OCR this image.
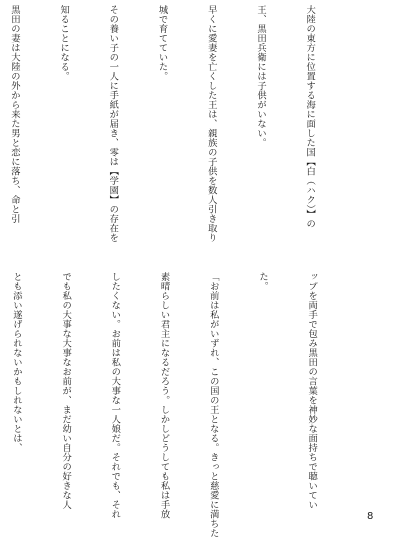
大陸の東方に位置する海に面した国【白（ハク）】の

王、黒田兵衛には子供がいない。

早くに愛妻を亡くした王は、親族の子供を数人引き取り

城で育てていた。

その養い子の一人に手紙が届き、零は【学園】の存在を

知ることになる。

黒田の妻は大陸の外から来た男と恋に落ち、命と引

ップを両手で包み黒田の言葉を神妙な面持ちで聴いてい

た。

「お前は私がいずれ、この国の王となる。きっと慈愛に満ちた

素晴らしい君主になるだろう。しかしどうしても私は手放

したくない。お前は私の大事な一人娘だ。それでも、それ

でも私の大事な大事なお前が、まだ幼い自分の好きな人

とも添い遂げられないかもしれないとは、

8
